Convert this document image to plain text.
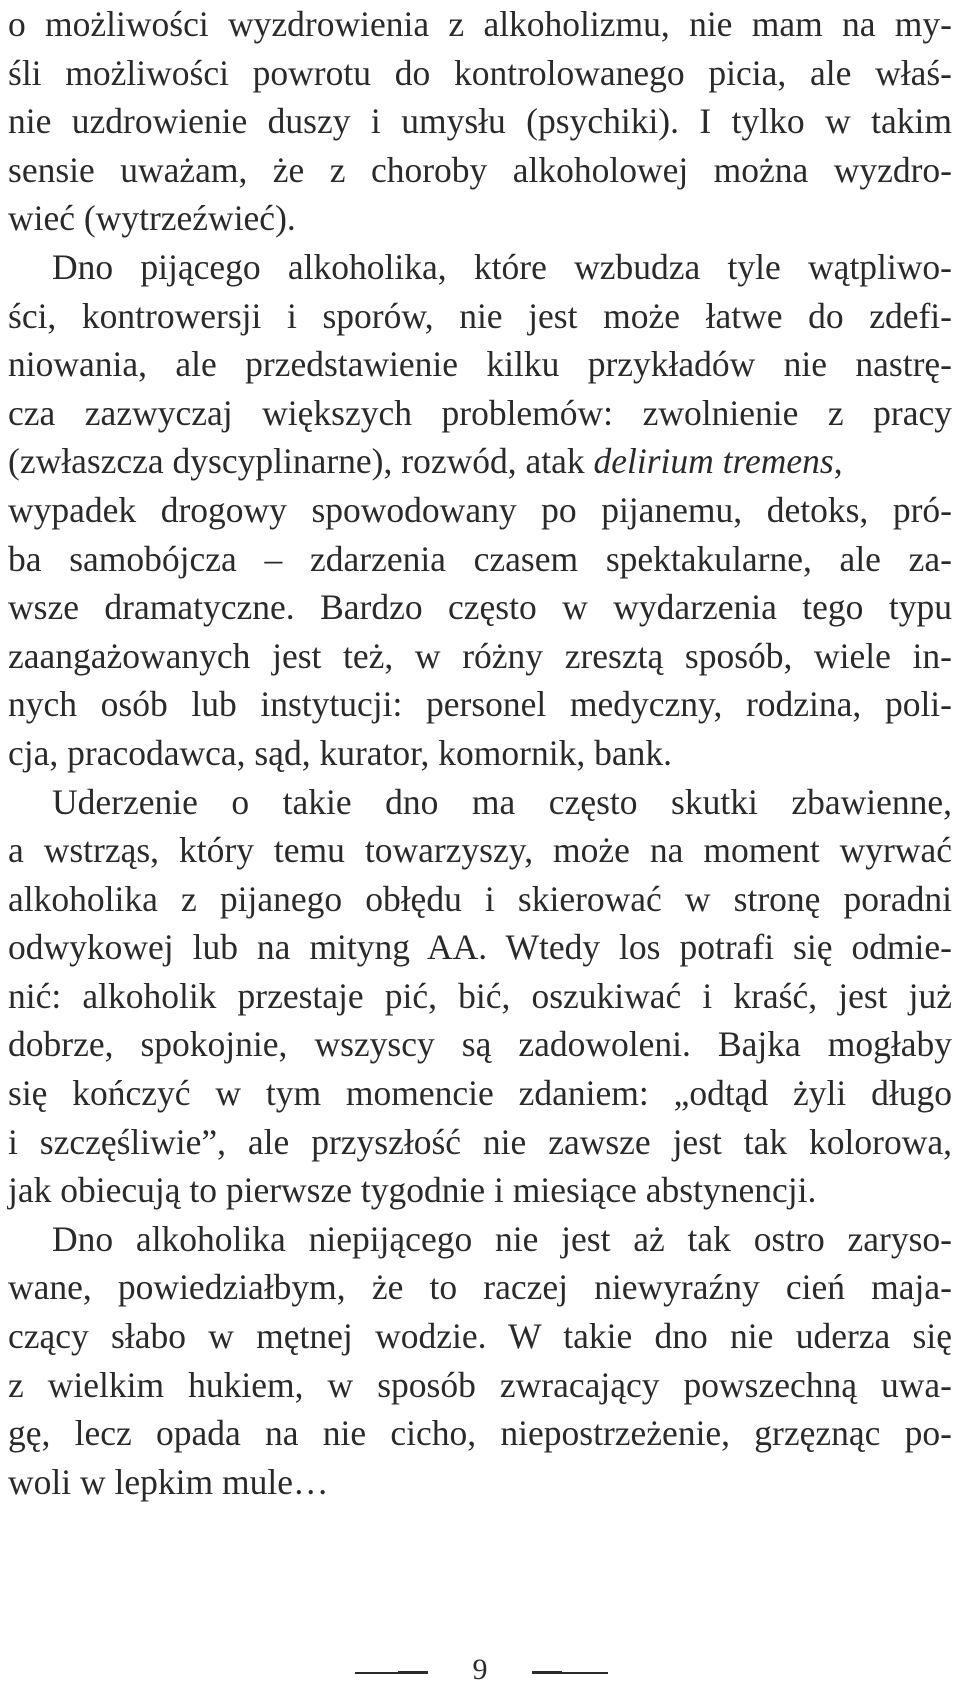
o możliwości wyzdrowienia z alkoholizmu, nie mam na my-
śli możliwości powrotu do kontrolowanego picia, ale właś-
nie uzdrowienie duszy i umysłu (psychiki). I tylko w takim
sensie uważam, że z choroby alkoholowej można wyzdro-
wieć (wytrzeźwieć).
Dno pijącego alkoholika, które wzbudza tyle wątpliwo-
ści, kontrowersji i sporów, nie jest może łatwe do zdefi-
niowania, ale przedstawienie kilku przykładów nie nastrę-
cza zazwyczaj większych problemów: zwolnienie z pracy
(zwłaszcza dyscyplinarne), rozwód, atak delirium tremens,
wypadek drogowy spowodowany po pijanemu, detoks, pró-
ba samobójcza – zdarzenia czasem spektakularne, ale za-
wsze dramatyczne. Bardzo często w wydarzenia tego typu
zaangażowanych jest też, w różny zresztą sposób, wiele in-
nych osób lub instytucji: personel medyczny, rodzina, poli-
cja, pracodawca, sąd, kurator, komornik, bank.
Uderzenie o takie dno ma często skutki zbawienne,
a wstrząs, który temu towarzyszy, może na moment wyrwać
alkoholika z pijanego obłędu i skierować w stronę poradni
odwykowej lub na mityng AA. Wtedy los potrafi się odmie-
nić: alkoholik przestaje pić, bić, oszukiwać i kraść, jest już
dobrze, spokojnie, wszyscy są zadowoleni. Bajka mogłaby
się kończyć w tym momencie zdaniem: „odtąd żyli długo
i szczęśliwie”, ale przyszłość nie zawsze jest tak kolorowa,
jak obiecują to pierwsze tygodnie i miesiące abstynencji.
Dno alkoholika niepijącego nie jest aż tak ostro zaryso-
wane, powiedziałbym, że to raczej niewyraźny cień maja-
czący słabo w mętnej wodzie. W takie dno nie uderza się
z wielkim hukiem, w sposób zwracający powszechną uwa-
gę, lecz opada na nie cicho, niepostrzeżenie, grzęznąc po-
woli w lepkim mule…
9
